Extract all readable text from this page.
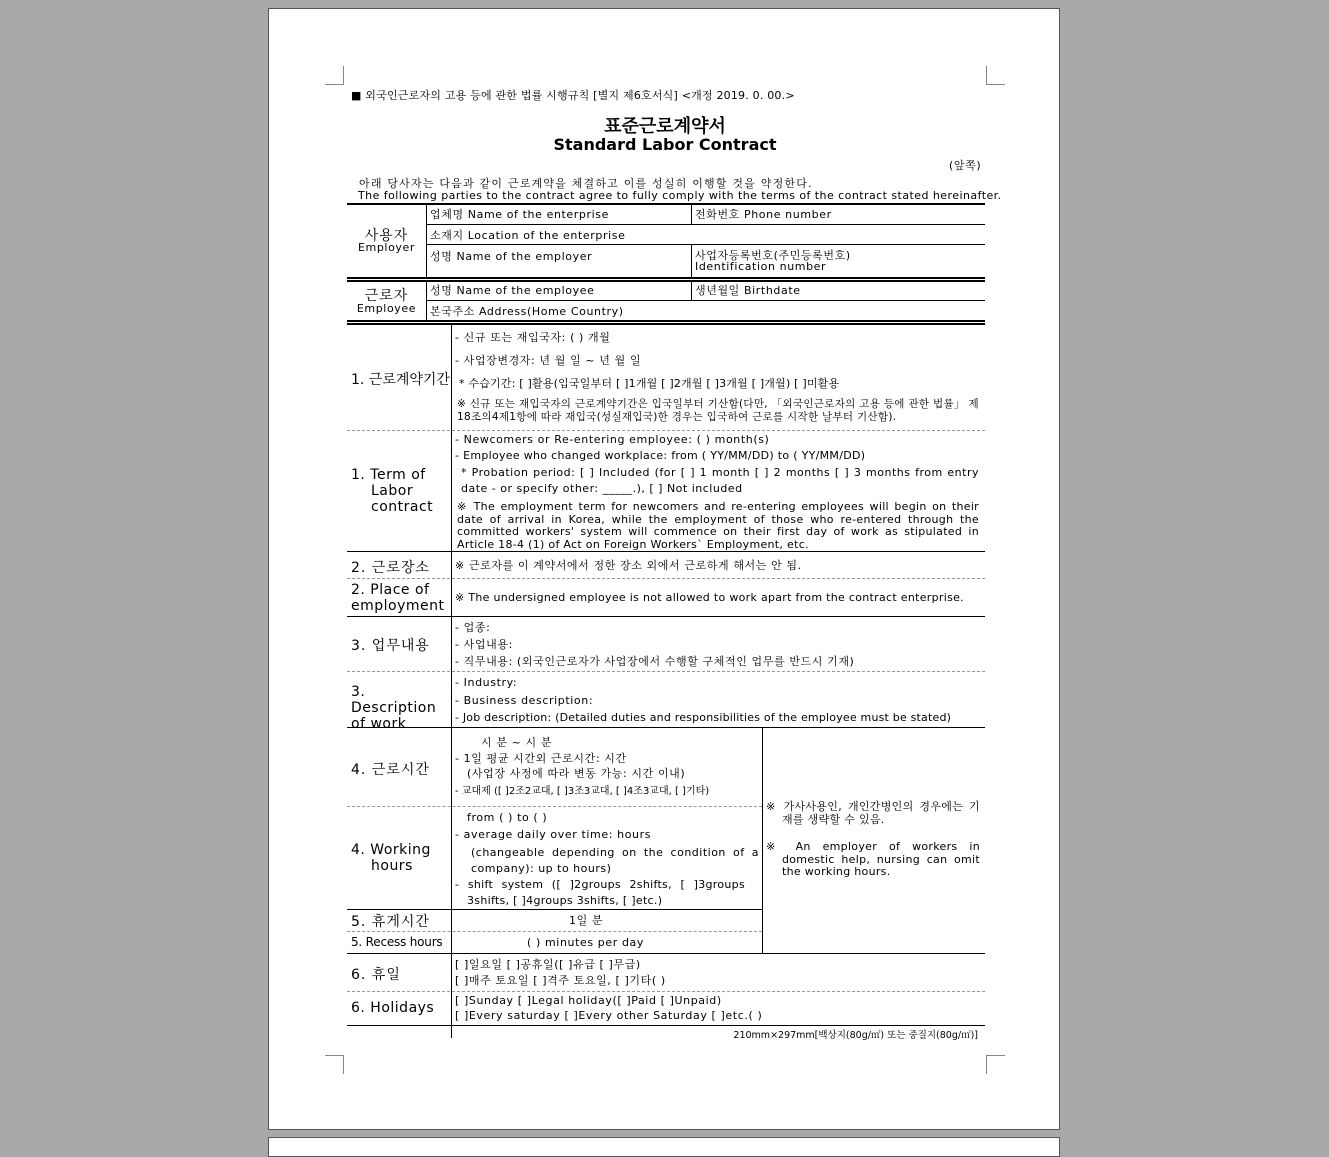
■ 외국인근로자의 고용 등에 관한 법률 시행규칙 [별지 제6호서식] <개정 2019. 0. 00.>
표준근로계약서
Standard Labor Contract
(앞쪽)
아래 당사자는 다음과 같이 근로계약을 체결하고 이를 성실히 이행할 것을 약정한다.
The following parties to the contract agree to fully comply with the terms of the contract stated hereinafter.
사용자
Employer
업체명 Name of the enterprise	전화번호 Phone number
소재지 Location of the enterprise
성명 Name of the employer	사업자등록번호(주민등록번호)
Identification number
근로자
Employee
성명 Name of the employee	생년월일 Birthdate
본국주소 Address(Home Country)
1. 근로계약기간
- 신규 또는 재입국자: ( ) 개월
- 사업장변경자: 년 월 일 ~ 년 월 일
* 수습기간: [ ]활용(입국일부터 [ ]1개월 [ ]2개월 [ ]3개월 [ ]개월) [ ]미활용
※ 신규 또는 재입국자의 근로계약기간은 입국일부터 기산함(다만, 「외국인근로자의 고용 등에 관한 법률」 제18조의4제1항에 따라 재입국(성실재입국)한 경우는 입국하여 근로를 시작한 날부터 기산함).
1. Term of Labor contract
- Newcomers or Re-entering employee: ( ) month(s)
- Employee who changed workplace: from ( YY/MM/DD) to ( YY/MM/DD)
* Probation period: [ ] Included (for [ ] 1 month [ ] 2 months [ ] 3 months from entry date - or specify other: _____.), [ ] Not included
※ The employment term for newcomers and re-entering employees will begin on their date of arrival in Korea, while the employment of those who re-entered through the committed workers' system will commence on their first day of work as stipulated in Article 18-4 (1) of Act on Foreign Workers` Employment, etc.
2. 근로장소 ※ 근로자를 이 계약서에서 정한 장소 외에서 근로하게 해서는 안 됨.
2. Place of employment
※ The undersigned employee is not allowed to work apart from the contract enterprise.
3. 업무내용
- 업종:
- 사업내용:
- 직무내용: (외국인근로자가 사업장에서 수행할 구체적인 업무를 반드시 기재)
3. Description of work
- Industry:
- Business description:
- Job description: (Detailed duties and responsibilities of the employee must be stated)
4. 근로시간
시 분 ~ 시 분
- 1일 평균 시간외 근로시간: 시간
(사업장 사정에 따라 변동 가능: 시간 이내)
- 교대제 ([ ]2조2교대, [ ]3조3교대, [ ]4조3교대, [ ]기타)
4. Working hours
from ( ) to ( )
- average daily over time: hours
(changeable depending on the condition of a company): up to hours)
- shift system ([ ]2groups 2shifts, [ ]3groups 3shifts, [ ]4groups 3shifts, [ ]etc.)
※ 가사사용인, 개인간병인의 경우에는 기재를 생략할 수 있음.
※ An employer of workers in domestic help, nursing can omit the working hours.
5. 휴게시간	1일 분
5. Recess hours	( ) minutes per day
6. 휴일
[ ]일요일 [ ]공휴일([ ]유급 [ ]무급)
[ ]매주 토요일 [ ]격주 토요일, [ ]기타( )
6. Holidays [ ]Sunday [ ]Legal holiday([ ]Paid [ ]Unpaid)
[ ]Every saturday [ ]Every other Saturday [ ]etc.( )
210mm×297mm[백상지(80g/㎡) 또는 중질지(80g/㎡)]
